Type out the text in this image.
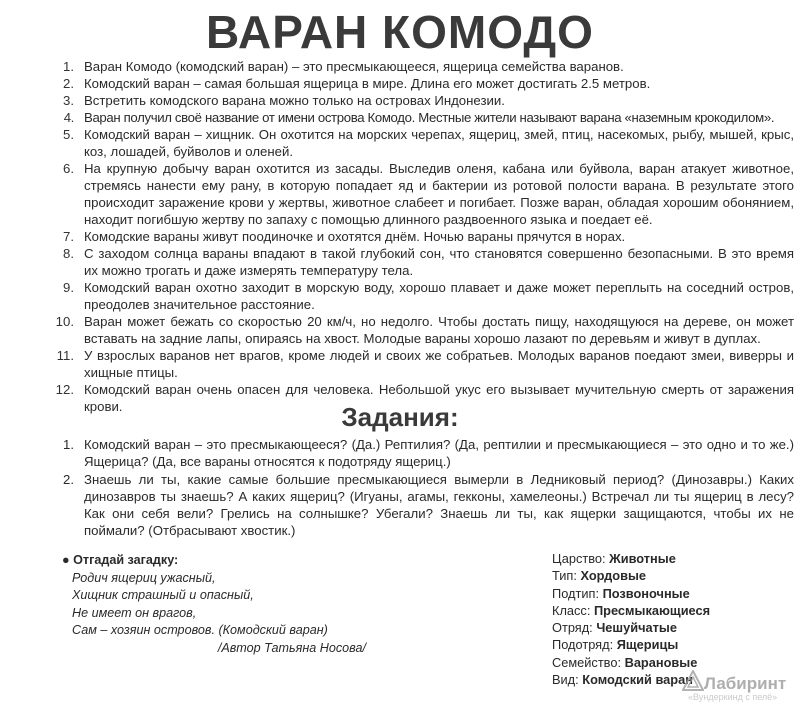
ВАРАН КОМОДО
1. Варан Комодо (комодский варан) – это пресмыкающееся, ящерица семейства варанов.
2. Комодский варан – самая большая ящерица в мире. Длина его может достигать 2.5 метров.
3. Встретить комодского варана можно только на островах Индонезии.
4. Варан получил своё название от имени острова Комодо. Местные жители называют варана «наземным крокодилом».
5. Комодский варан – хищник. Он охотится на морских черепах, ящериц, змей, птиц, насекомых, рыбу, мышей, крыс, коз, лошадей, буйволов и оленей.
6. На крупную добычу варан охотится из засады. Выследив оленя, кабана или буйвола, варан атакует животное, стремясь нанести ему рану, в которую попадает яд и бактерии из ротовой полости варана. В результате этого происходит заражение крови у жертвы, животное слабеет и погибает. Позже варан, обладая хорошим обонянием, находит погибшую жертву по запаху с помощью длинного раздвоенного языка и поедает её.
7. Комодские вараны живут поодиночке и охотятся днём. Ночью вараны прячутся в норах.
8. С заходом солнца вараны впадают в такой глубокий сон, что становятся совершенно безопасными. В это время их можно трогать и даже измерять температуру тела.
9. Комодский варан охотно заходит в морскую воду, хорошо плавает и даже может переплыть на соседний остров, преодолев значительное расстояние.
10. Варан может бежать со скоростью 20 км/ч, но недолго. Чтобы достать пищу, находящуюся на дереве, он может вставать на задние лапы, опираясь на хвост. Молодые вараны хорошо лазают по деревьям и живут в дуплах.
11. У взрослых варанов нет врагов, кроме людей и своих же собратьев. Молодых варанов поедают змеи, виверры и хищные птицы.
12. Комодский варан очень опасен для человека. Небольшой укус его вызывает мучительную смерть от заражения крови.	Задания:
1. Комодский варан – это пресмыкающееся? (Да.) Рептилия? (Да, рептилии и пресмыкающиеся – это одно и то же.) Ящерица? (Да, все вараны относятся к подотряду ящериц.)
2. Знаешь ли ты, какие самые большие пресмыкающиеся вымерли в Ледниковый период? (Динозавры.) Каких динозавров ты знаешь? А каких ящериц? (Игуаны, агамы, гекконы, хамелеоны.) Встречал ли ты ящериц в лесу? Как они себя вели? Грелись на солнышке? Убегали? Знаешь ли ты, как ящерки защищаются, чтобы их не поймали? (Отбрасывают хвостик.)
● Отгадай загадку:
Родич ящериц ужасный,
Хищник страшный и опасный,
Не имеет он врагов,
Сам – хозяин островов. (Комодский варан)
/Автор Татьяна Носова/
Царство: Животные
Тип: Хордовые
Подтип: Позвоночные
Класс: Пресмыкающиеся
Отряд: Чешуйчатые
Подотряд: Ящерицы
Семейство: Варановые
Вид: Комодский варан Лабиринт
«Вундеркинд с пелё»
